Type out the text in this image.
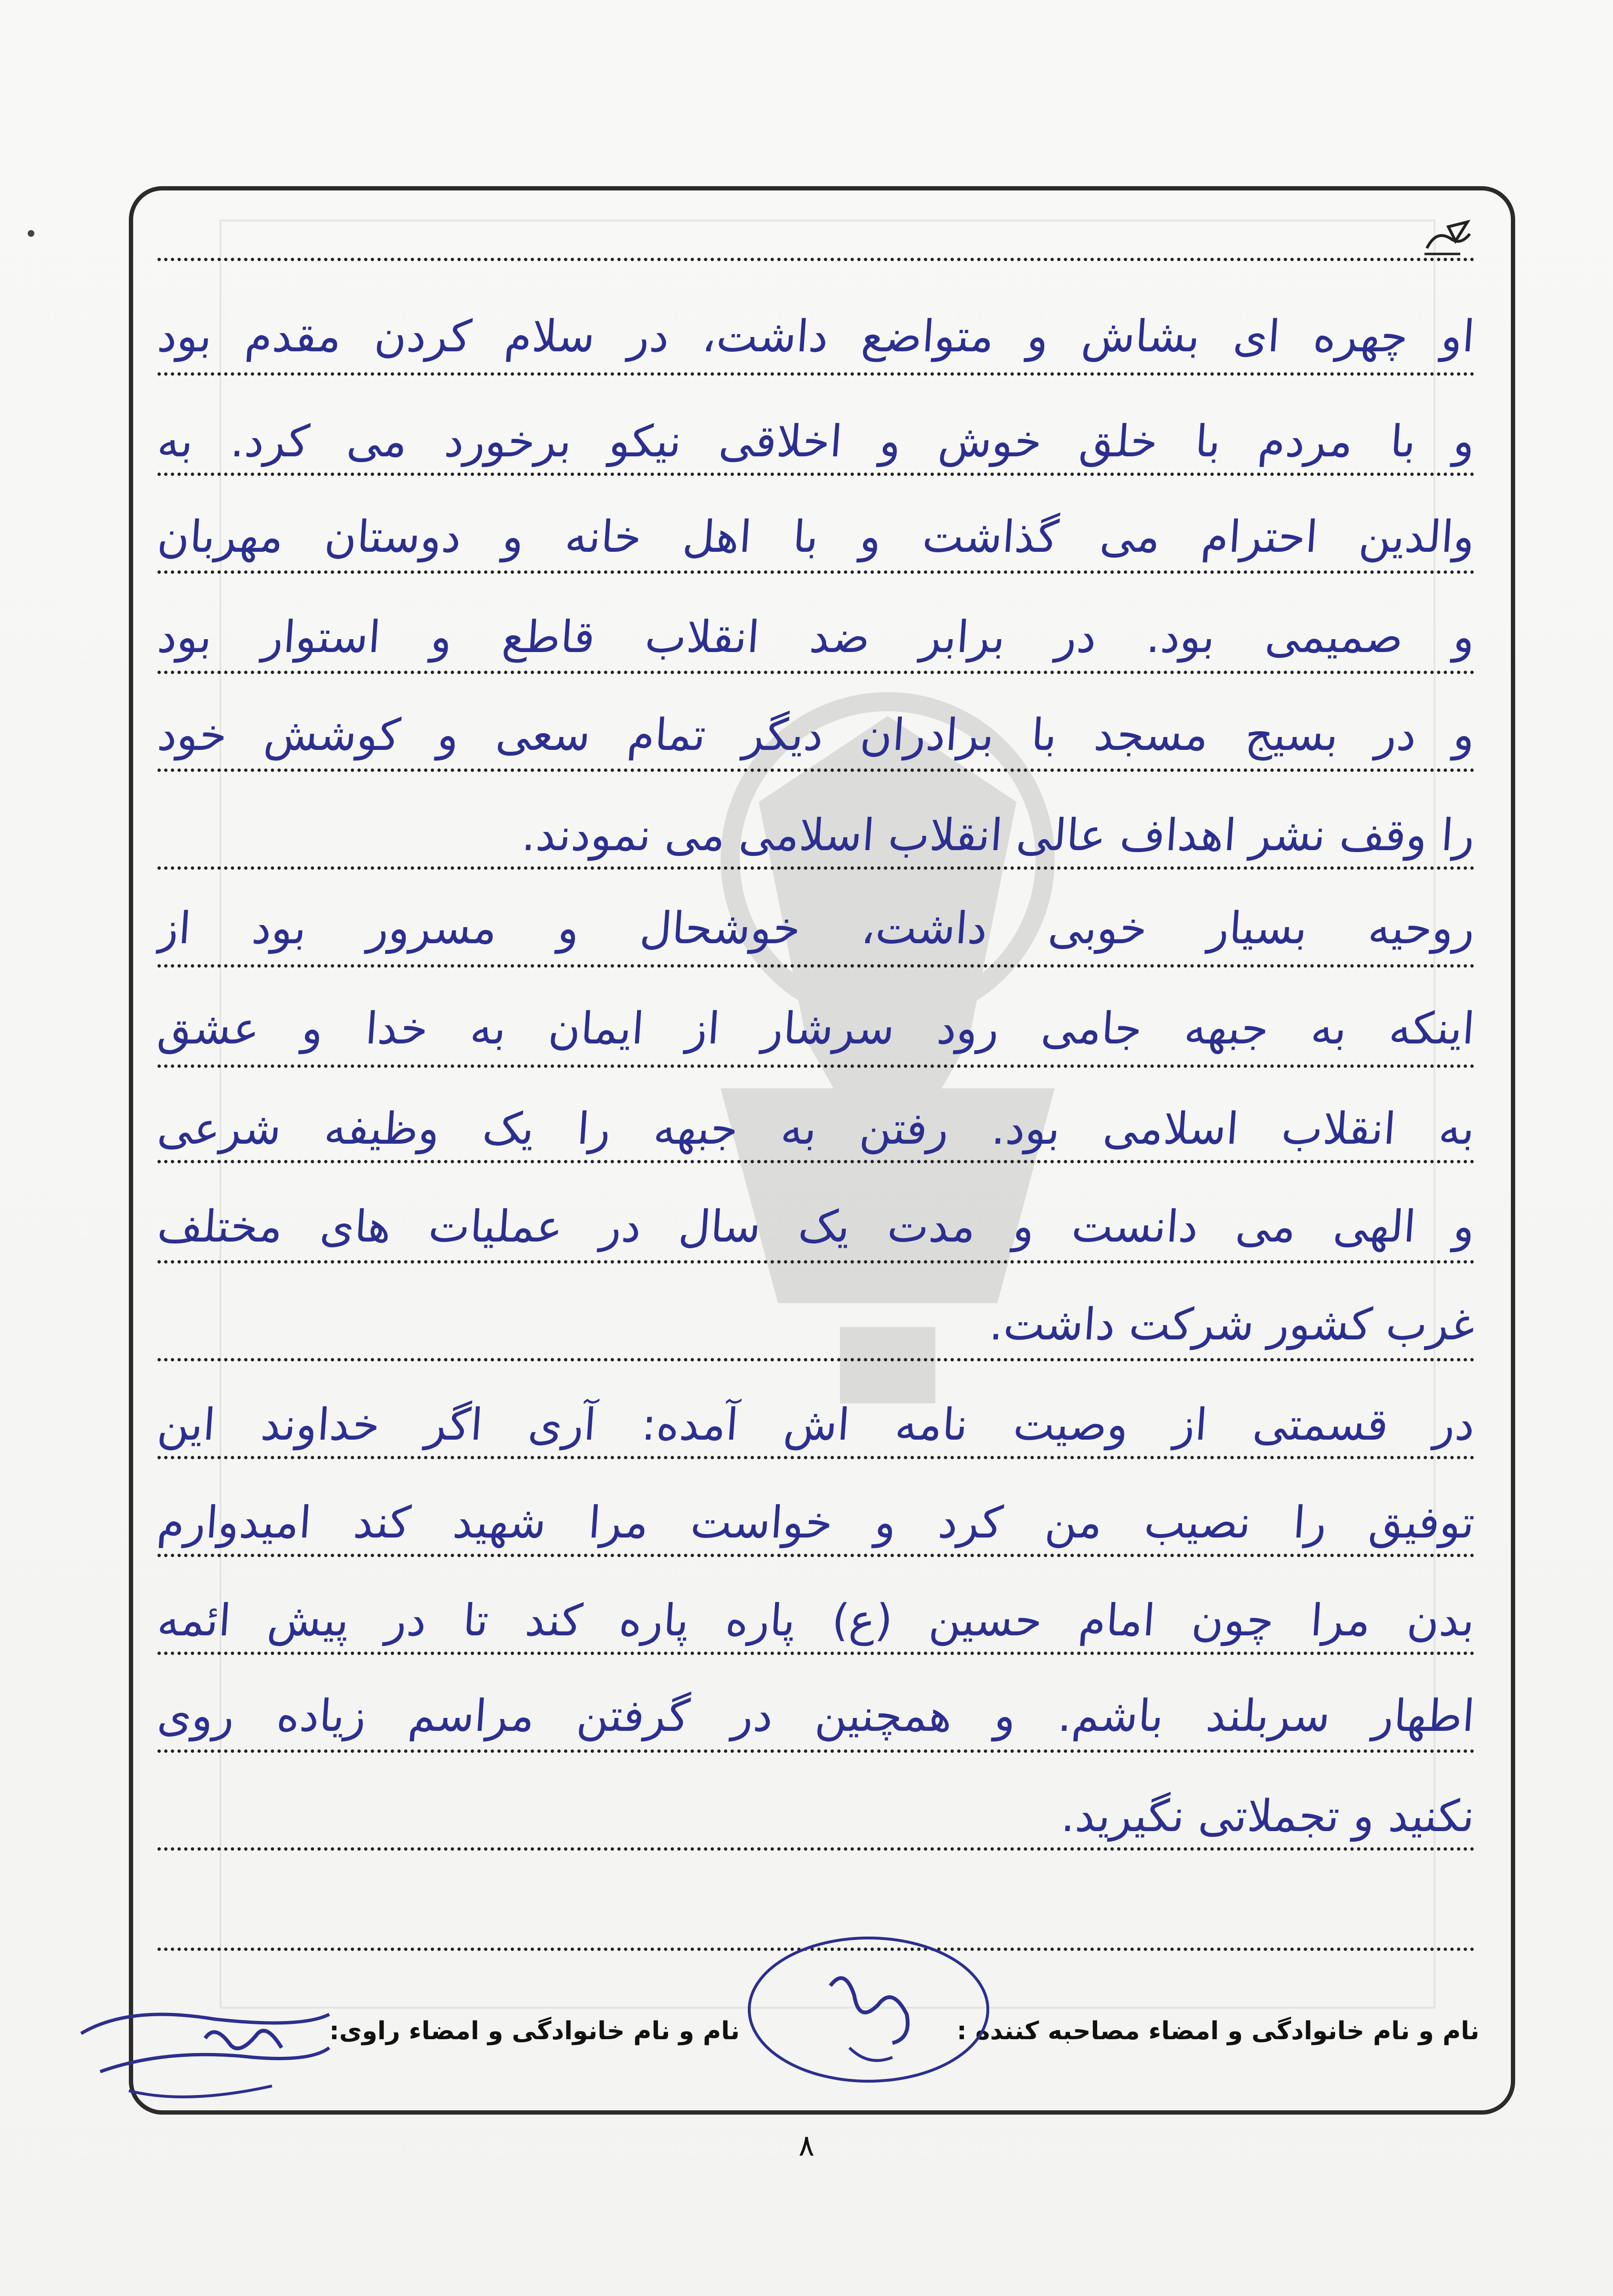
او چهره ای بشاش و متواضع داشت، در سلام کردن مقدم بود
و با مردم با خلق خوش و اخلاقی نیکو برخورد می کرد. به
والدین احترام می گذاشت و با اهل خانه و دوستان مهربان
و صمیمی بود. در برابر ضد انقلاب قاطع و استوار بود
و در بسیج مسجد با برادران دیگر تمام سعی و کوشش خود
را وقف نشر اهداف عالی انقلاب اسلامی می نمودند.
روحیه بسیار خوبی داشت، خوشحال و مسرور بود از
اینکه به جبهه جامی رود سرشار از ایمان به خدا و عشق
به انقلاب اسلامی بود. رفتن به جبهه را یک وظیفه شرعی
و الهی می دانست و مدت یک سال در عملیات های مختلف
غرب کشور شرکت داشت.
در قسمتی از وصیت نامه اش آمده: آری اگر خداوند این
توفیق را نصیب من کرد و خواست مرا شهید کند امیدوارم
بدن مرا چون امام حسین (ع) پاره پاره کند تا در پیش ائمه
اطهار سربلند باشم. و همچنین در گرفتن مراسم زیاده روی
نکنید و تجملاتی نگیرید.
نام و نام خانوادگی و امضاء مصاحبه کننده :
نام و نام خانوادگی و امضاء راوی:
۸
